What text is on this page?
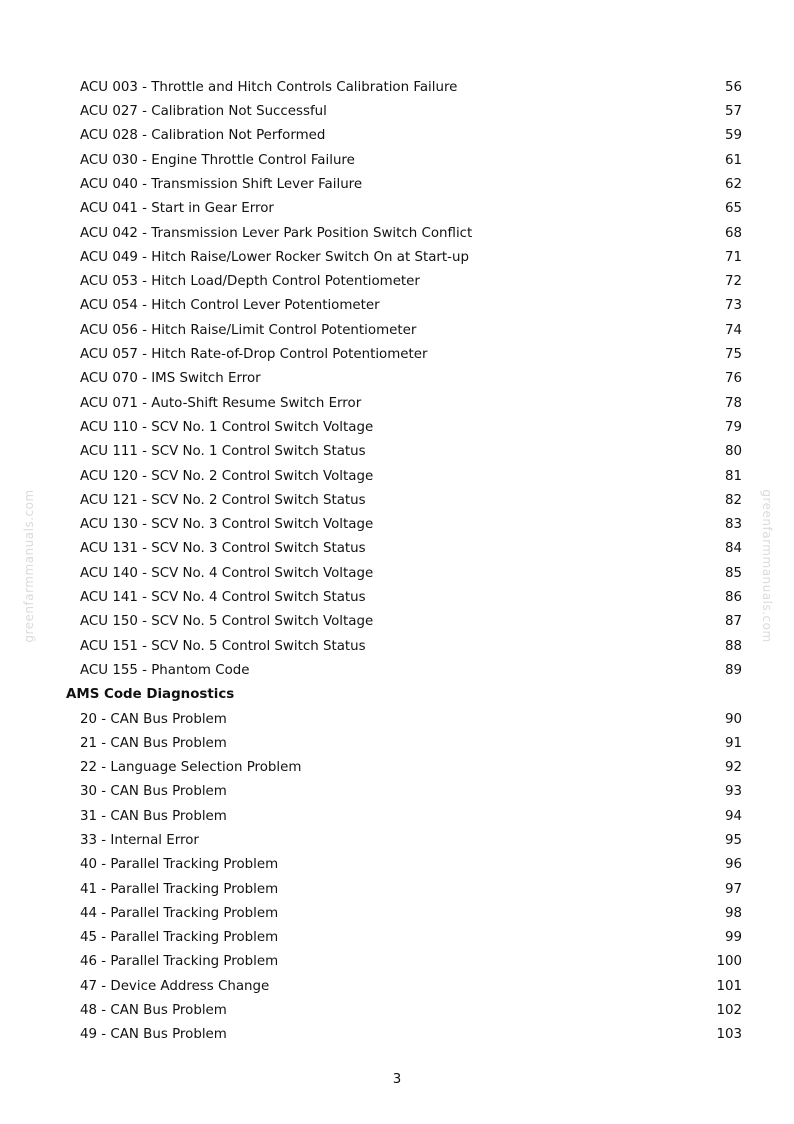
greenfarmmanuals.com	greenfarmmanuals.com
ACU 003 - Throttle and Hitch Controls Calibration Failure	56
ACU 027 - Calibration Not Successful	57
ACU 028 - Calibration Not Performed	59
ACU 030 - Engine Throttle Control Failure	61
ACU 040 - Transmission Shift Lever Failure	62
ACU 041 - Start in Gear Error	65
ACU 042 - Transmission Lever Park Position Switch Conflict	68
ACU 049 - Hitch Raise/Lower Rocker Switch On at Start-up	71
ACU 053 - Hitch Load/Depth Control Potentiometer	72
ACU 054 - Hitch Control Lever Potentiometer	73
ACU 056 - Hitch Raise/Limit Control Potentiometer	74
ACU 057 - Hitch Rate-of-Drop Control Potentiometer	75
ACU 070 - IMS Switch Error	76
ACU 071 - Auto-Shift Resume Switch Error	78
ACU 110 - SCV No. 1 Control Switch Voltage	79
ACU 111 - SCV No. 1 Control Switch Status	80
ACU 120 - SCV No. 2 Control Switch Voltage	81
ACU 121 - SCV No. 2 Control Switch Status	82
ACU 130 - SCV No. 3 Control Switch Voltage	83
ACU 131 - SCV No. 3 Control Switch Status	84
ACU 140 - SCV No. 4 Control Switch Voltage	85
ACU 141 - SCV No. 4 Control Switch Status	86
ACU 150 - SCV No. 5 Control Switch Voltage	87
ACU 151 - SCV No. 5 Control Switch Status	88
ACU 155 - Phantom Code	89
AMS Code Diagnostics
20 - CAN Bus Problem	90
21 - CAN Bus Problem	91
22 - Language Selection Problem	92
30 - CAN Bus Problem	93
31 - CAN Bus Problem	94
33 - Internal Error	95
40 - Parallel Tracking Problem	96
41 - Parallel Tracking Problem	97
44 - Parallel Tracking Problem	98
45 - Parallel Tracking Problem	99
46 - Parallel Tracking Problem	100
47 - Device Address Change	101
48 - CAN Bus Problem	102
49 - CAN Bus Problem	103
3
